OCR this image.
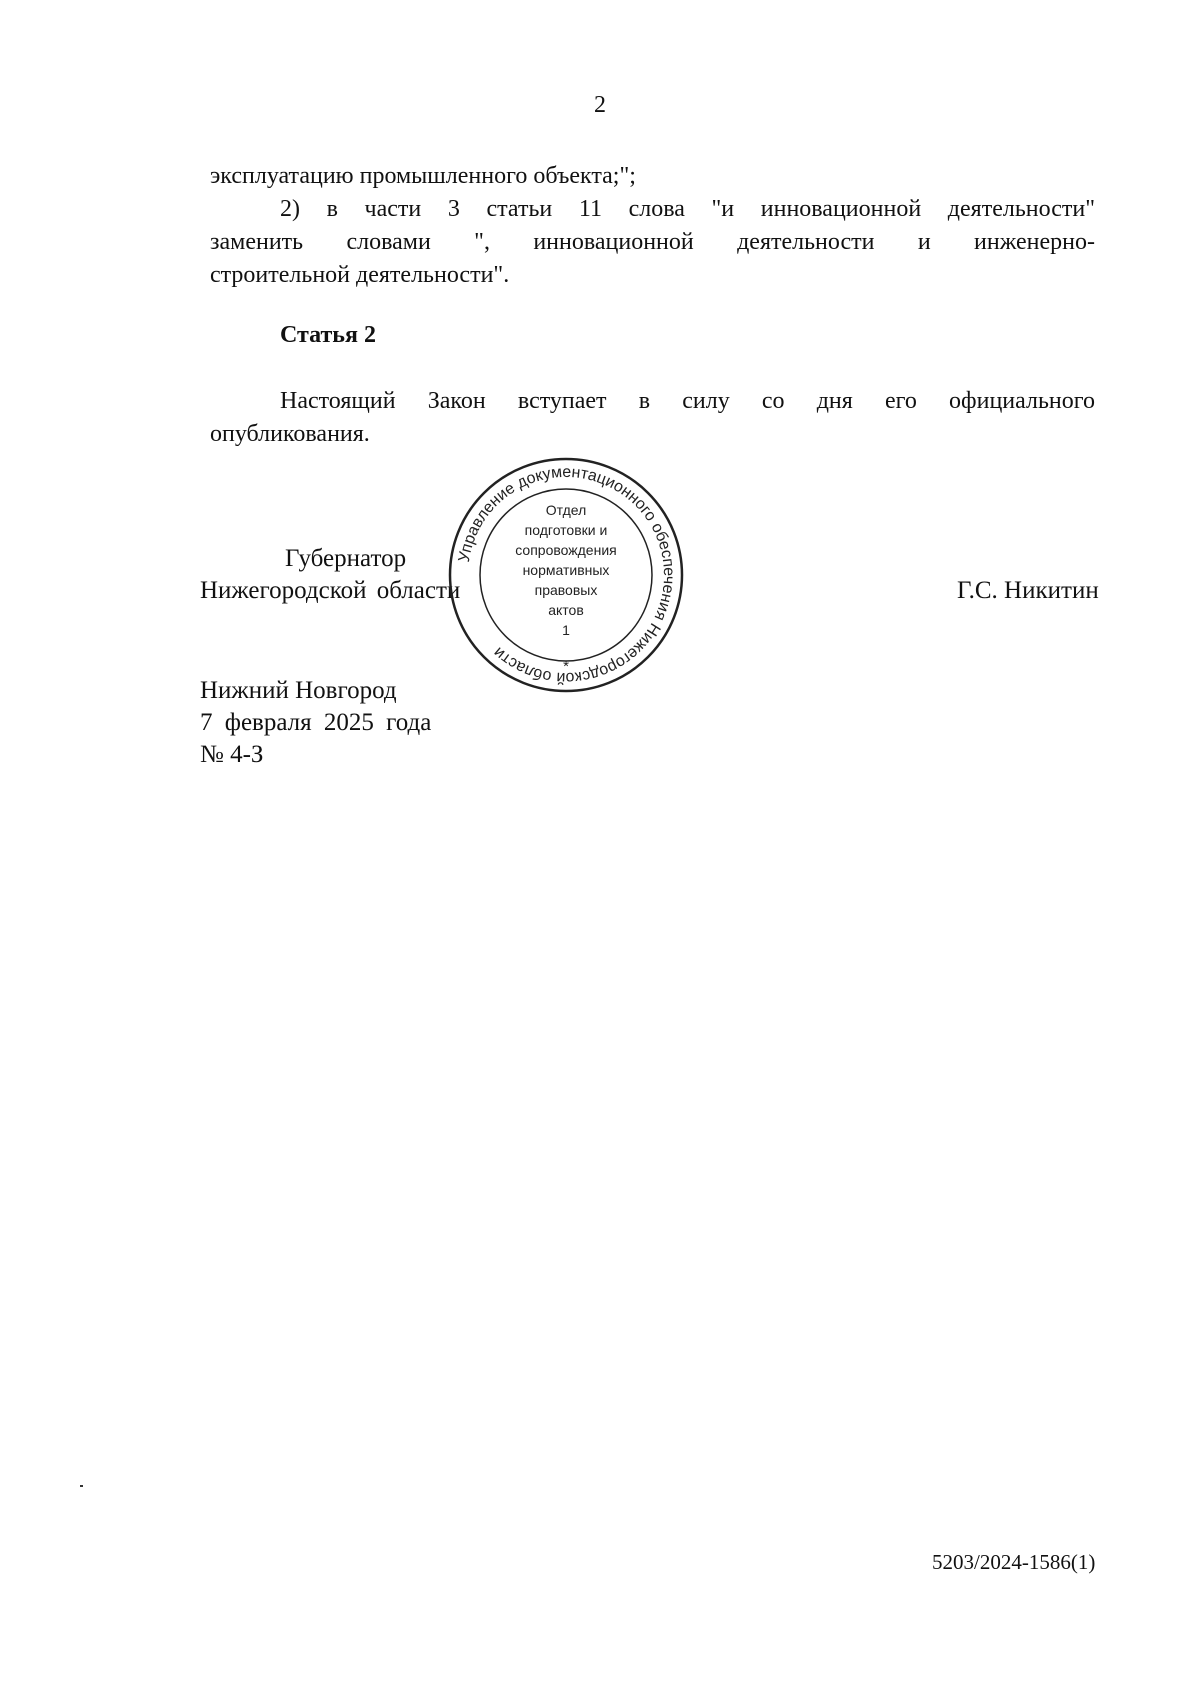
2
эксплуатацию промышленного объекта;";
2) в части 3 статьи 11 слова "и инновационной деятельности"
заменить словами ", инновационной деятельности и инженерно-
строительной деятельности".
Статья 2
Настоящий Закон вступает в силу со дня его официального
опубликования.
Губернатор
Нижегородской области	Г.С. Никитин
Управление документационного обеспечения Нижегородской области
Отдел
подготовки и
сопровождения
нормативных
правовых
актов
1
*
Нижний Новгород
7 февраля 2025 года
№ 4-З
5203/2024-1586(1)
